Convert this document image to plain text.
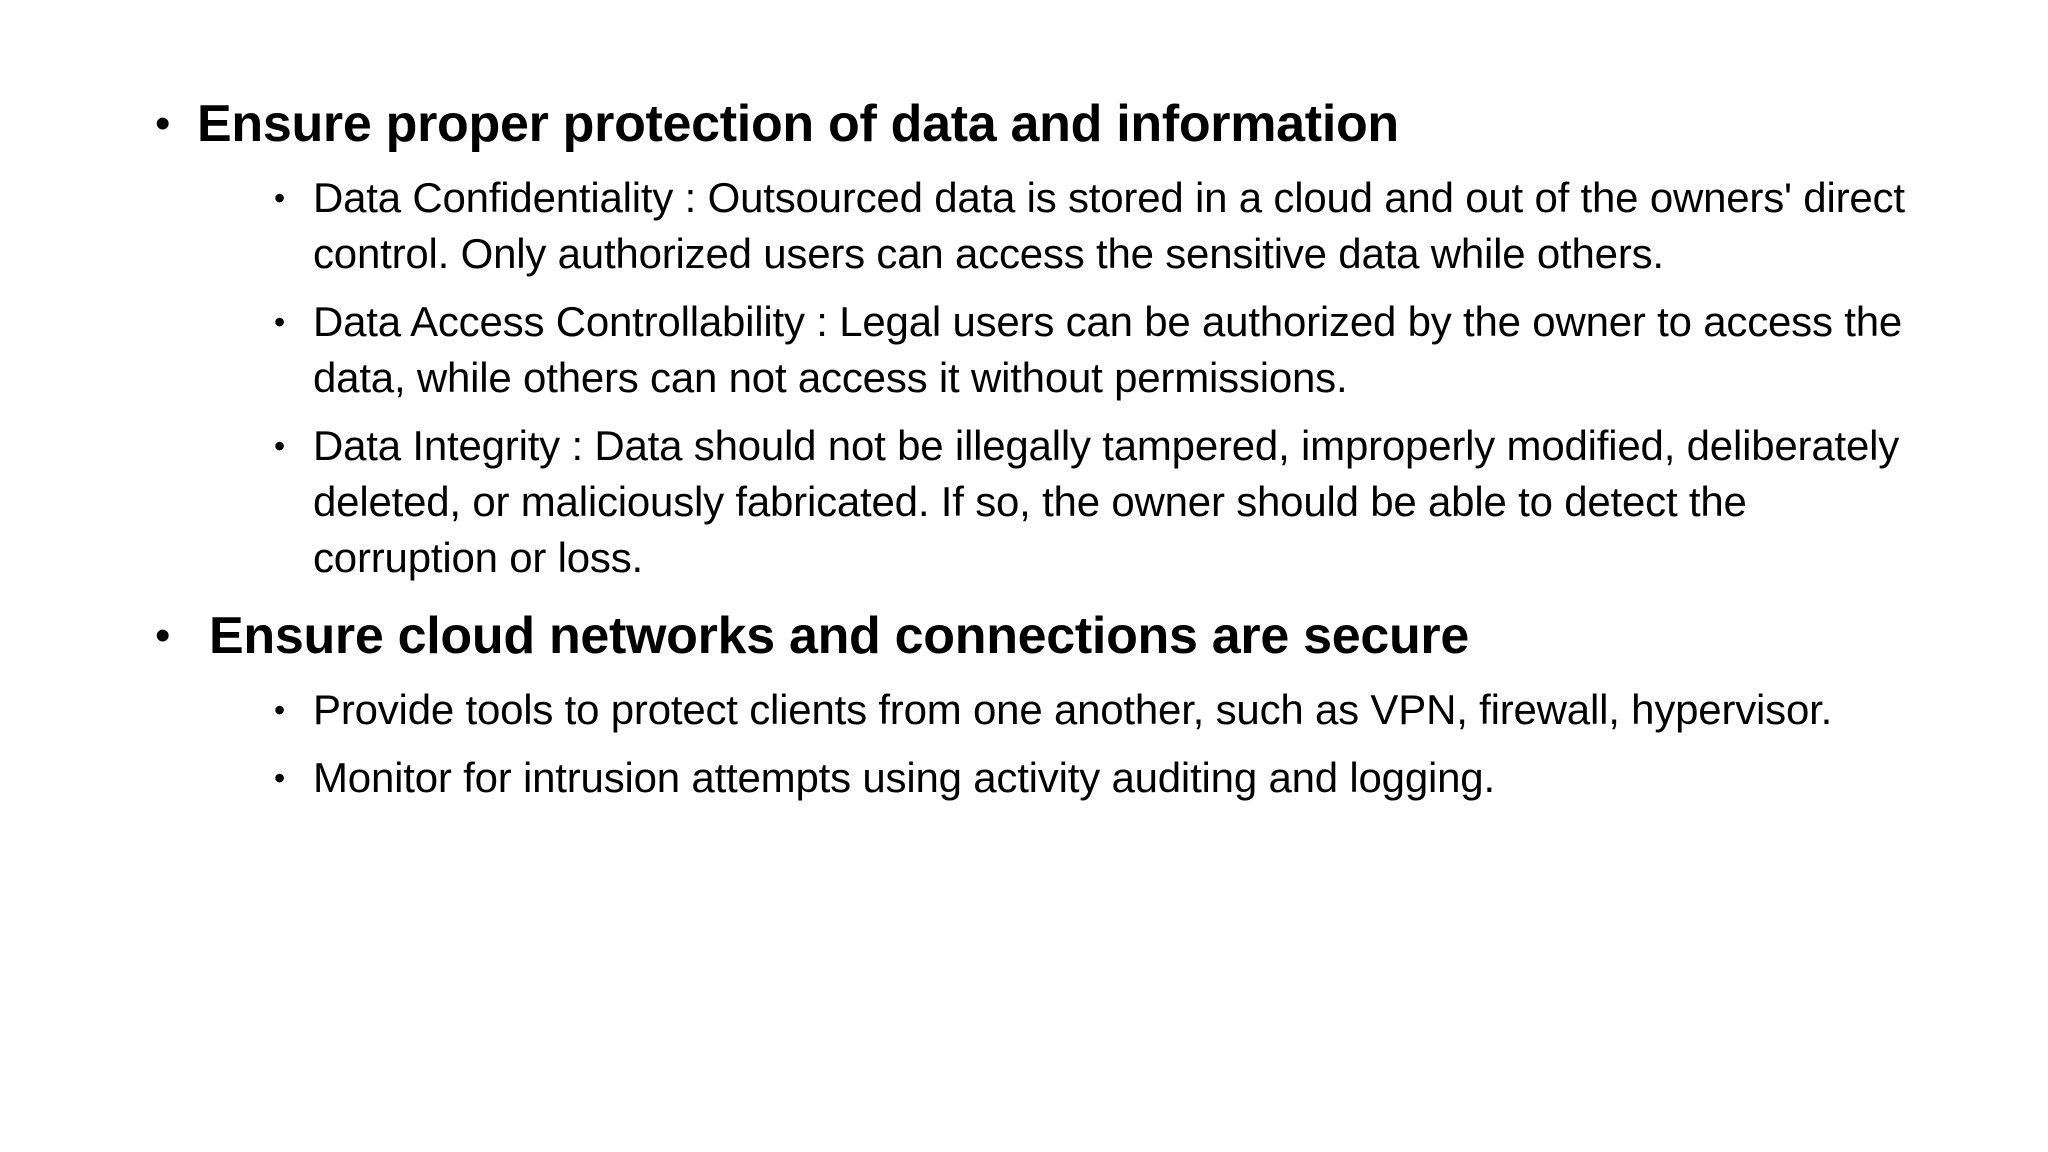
• Ensure proper protection of data and information
• Data Confidentiality : Outsourced data is stored in a cloud and out of the owners' direct control. Only authorized users can access the sensitive data while others.
• Data Access Controllability : Legal users can be authorized by the owner to access the data, while others can not access it without permissions.
• Data Integrity : Data should not be illegally tampered, improperly modified, deliberately deleted, or maliciously fabricated. If so, the owner should be able to detect the corruption or loss.
• Ensure cloud networks and connections are secure
• Provide tools to protect clients from one another, such as VPN, firewall, hypervisor.
• Monitor for intrusion attempts using activity auditing and logging.
